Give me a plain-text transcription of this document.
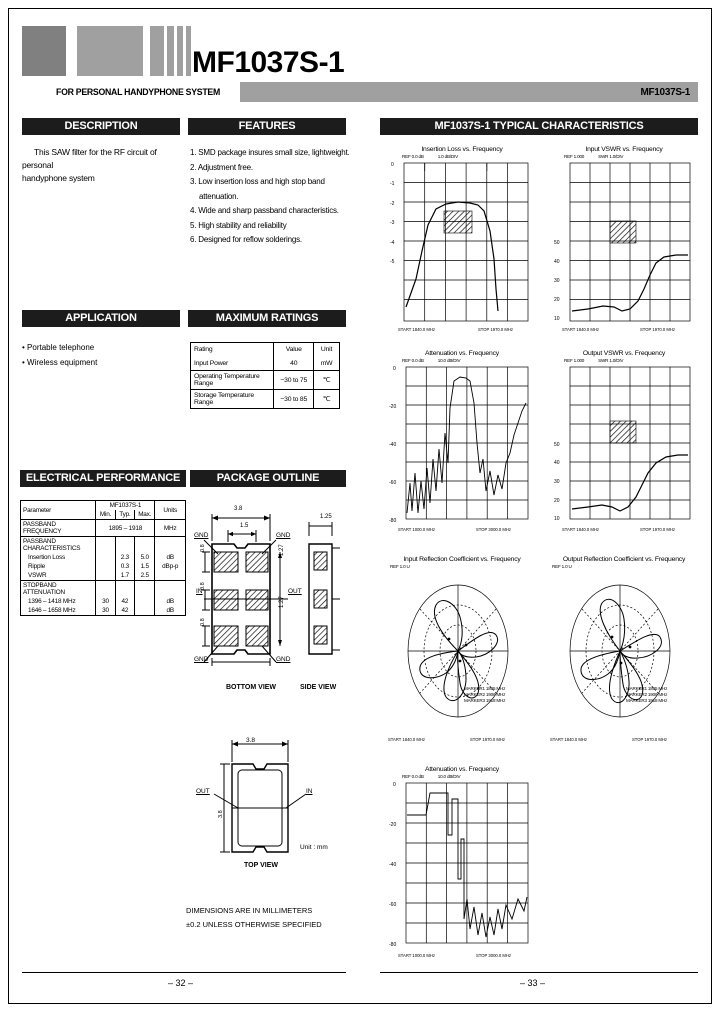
MF1037S-1
FOR PERSONAL HANDYPHONE SYSTEM	MF1037S-1
DESCRIPTION	FEATURES	MF1037S-1 TYPICAL CHARACTERISTICS
This SAW filter for the RF circuit of personal
handyphone system
1. SMD package insures small size, lightweight.
2. Adjustment free.
3. Low insertion loss and high stop band
attenuation.
4. Wide and sharp passband characteristics.
5. High stability and reliability
6. Designed for reflow solderings.
APPLICATION
• Portable telephone
• Wireless equipment
MAXIMUM RATINGS
Rating	Value	Unit
Input Power	40	mW
Operating Temperature Range	−30 to 75	℃
Storage Temperature Range	−30 to 85	℃
ELECTRICAL PERFORMANCE
Parameter	MF1037S-1			Units
	Min.	Typ.	Max.	
PASSBAND FREQUENCY	1895 – 1918			MHz
PASSBAND CHARACTERISTICS				
Insertion Loss		2.3	5.0	dB
Ripple		0.3	1.5	dBp-p
VSWR		1.7	2.5	
STOPBAND ATTENUATION				
1396 – 1418 MHz	30	42		dB
1646 – 1658 MHz	30	42		dB
PACKAGE OUTLINE DIMENSIONS
3.8
1.5
1.25
1.27
1.27
0.8
0.8
0.8
GND	GND
GND	GND
IN	OUT
BOTTOM VIEW	SIDE VIEW
3.8
3.8
OUT	IN
TOP VIEW
Unit : mm
DIMENSIONS ARE IN MILLIMETERS
±0.2 UNLESS OTHERWISE SPECIFIED
Insertion Loss vs. Frequency
REF 0.0 dB	1.0 dB/DIV
0
-1
-2
-3
-4
-5
START 1840.0 MHz	STOP 1970.0 MHz
Input VSWR vs. Frequency
REF 1.000	SWR 1.0/DIV
50
40
30
20
10
START 1840.0 MHz	STOP 1970.0 MHz
Attenuation vs. Frequency
REF 0.0 dB	10.0 dB/DIV
0
-20
-40
-60
-80
START 1000.0 MHz	STOP 3000.0 MHz
Output VSWR vs. Frequency
REF 1.000	SWR 1.0/DIV
50
40
30
20
10
START 1840.0 MHz	STOP 1970.0 MHz
Input Reflection Coefficient vs. Frequency
REF 1.0 U
START 1840.0 MHz	STOP 1970.0 MHz
MARKER1 1895 MHz
MARKER2 1906 MHz
MARKER3 1918 MHz
Output Reflection Coefficient vs. Frequency
REF 1.0 U
START 1840.0 MHz	STOP 1970.0 MHz
MARKER1 1895 MHz
MARKER2 1906 MHz
MARKER3 1918 MHz
Attenuation vs. Frequency
REF 0.0 dB	10.0 dB/DIV
0
-20
-40
-60
-80
START 1000.0 MHz	STOP 3000.0 MHz
– 32 –	– 33 –
